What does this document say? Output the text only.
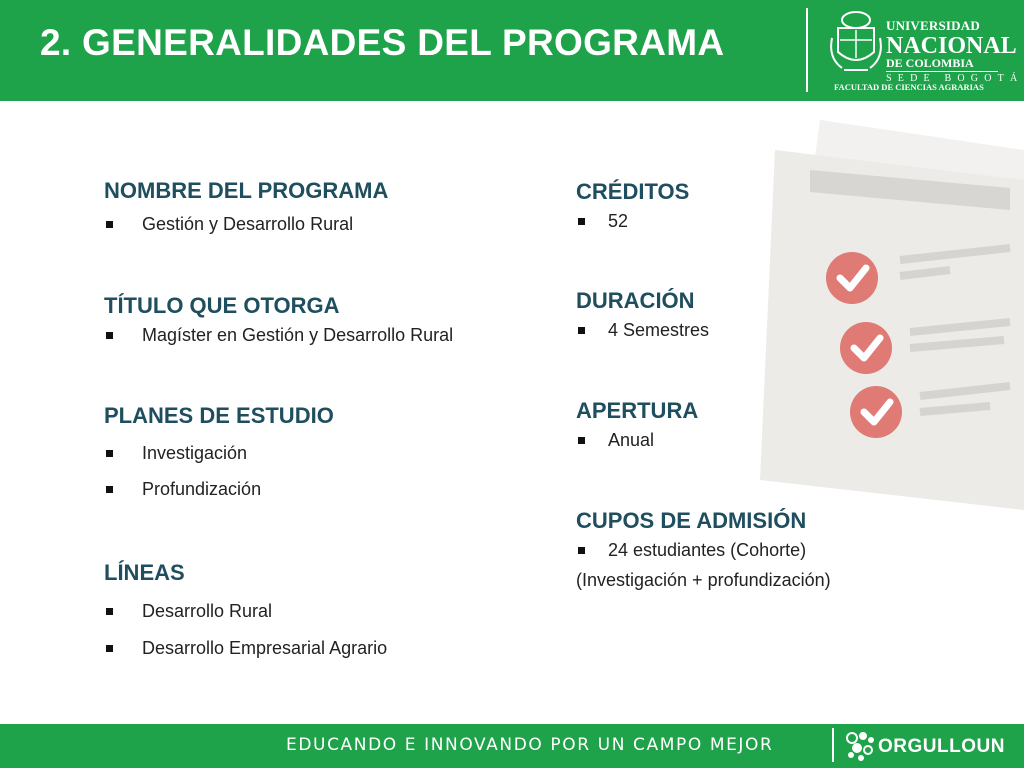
2. GENERALIDADES DEL PROGRAMA	UNIVERSIDAD
NACIONAL
DE COLOMBIA
SEDE BOGOTÁ
FACULTAD DE CIENCIAS AGRARIAS
NOMBRE DEL PROGRAMA
Gestión y Desarrollo Rural
TÍTULO QUE OTORGA
Magíster en Gestión y Desarrollo Rural
PLANES DE ESTUDIO
Investigación
Profundización
LÍNEAS
Desarrollo Rural
Desarrollo Empresarial Agrario
CRÉDITOS
52
DURACIÓN
4 Semestres
APERTURA
Anual
CUPOS DE ADMISIÓN
24 estudiantes (Cohorte)
(Investigación + profundización)
EDUCANDO E INNOVANDO POR UN CAMPO MEJOR	ORGULLOUN
